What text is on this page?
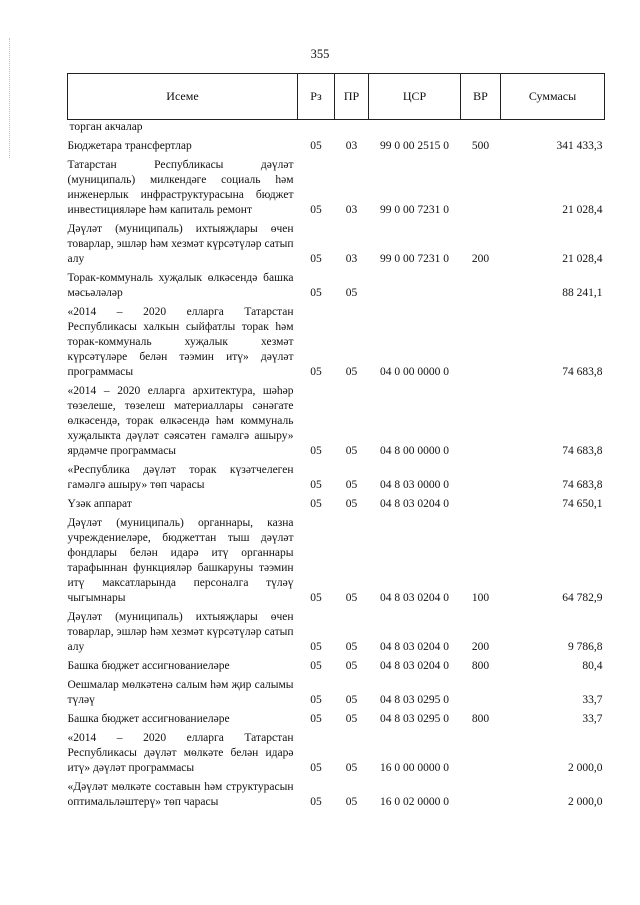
355
Исеме	Рз	ПР	ЦСР	ВР	Суммасы
торган акчалар					
Бюджетара трансфертлар	05	03	99 0 00 2515 0	500	341 433,3
Татарстан Республикасы дәүләт (муниципаль) милкендәге социаль һәм инженерлык инфраструктурасына бюджет инвестицияләре һәм капиталь ремонт	05	03	99 0 00 7231 0		21 028,4
Дәүләт (муниципаль) ихтыяҗлары өчен товарлар, эшләр һәм хезмәт күрсәтүләр сатып алу	05	03	99 0 00 7231 0	200	21 028,4
Торак-коммуналь хуҗалык өлкәсендә башка мәсьәләләр	05	05			88 241,1
«2014 – 2020 елларга Татарстан Республикасы халкын сыйфатлы торак һәм торак-коммуналь хуҗалык хезмәт күрсәтүләре белән тәэмин итү» дәүләт программасы	05	05	04 0 00 0000 0		74 683,8
«2014 – 2020 елларга архитектура, шәһәр төзелеше, төзелеш материаллары сәнәгате өлкәсендә, торак өлкәсендә һәм коммуналь хуҗалыкта дәүләт сәясәтен гамәлгә ашыру» ярдәмче программасы	05	05	04 8 00 0000 0		74 683,8
«Республика дәүләт торак күзәтчелеген гамәлгә ашыру» төп чарасы	05	05	04 8 03 0000 0		74 683,8
Үзәк аппарат	05	05	04 8 03 0204 0		74 650,1
Дәүләт (муниципаль) органнары, казна учреждениеләре, бюджеттан тыш дәүләт фондлары белән идарә итү органнары тарафыннан функцияләр башкаруны тәэмин итү максатларында персоналга түләү чыгымнары	05	05	04 8 03 0204 0	100	64 782,9
Дәүләт (муниципаль) ихтыяҗлары өчен товарлар, эшләр һәм хезмәт күрсәтүләр сатып алу	05	05	04 8 03 0204 0	200	9 786,8
Башка бюджет ассигнованиеләре	05	05	04 8 03 0204 0	800	80,4
Оешмалар мөлкәтенә салым һәм җир салымы түләү	05	05	04 8 03 0295 0		33,7
Башка бюджет ассигнованиеләре	05	05	04 8 03 0295 0	800	33,7
«2014 – 2020 елларга Татарстан Республикасы дәүләт мөлкәте белән идарә итү» дәүләт программасы	05	05	16 0 00 0000 0		2 000,0
«Дәүләт мөлкәте составын һәм структурасын оптимальләштерү» төп чарасы	05	05	16 0 02 0000 0		2 000,0
